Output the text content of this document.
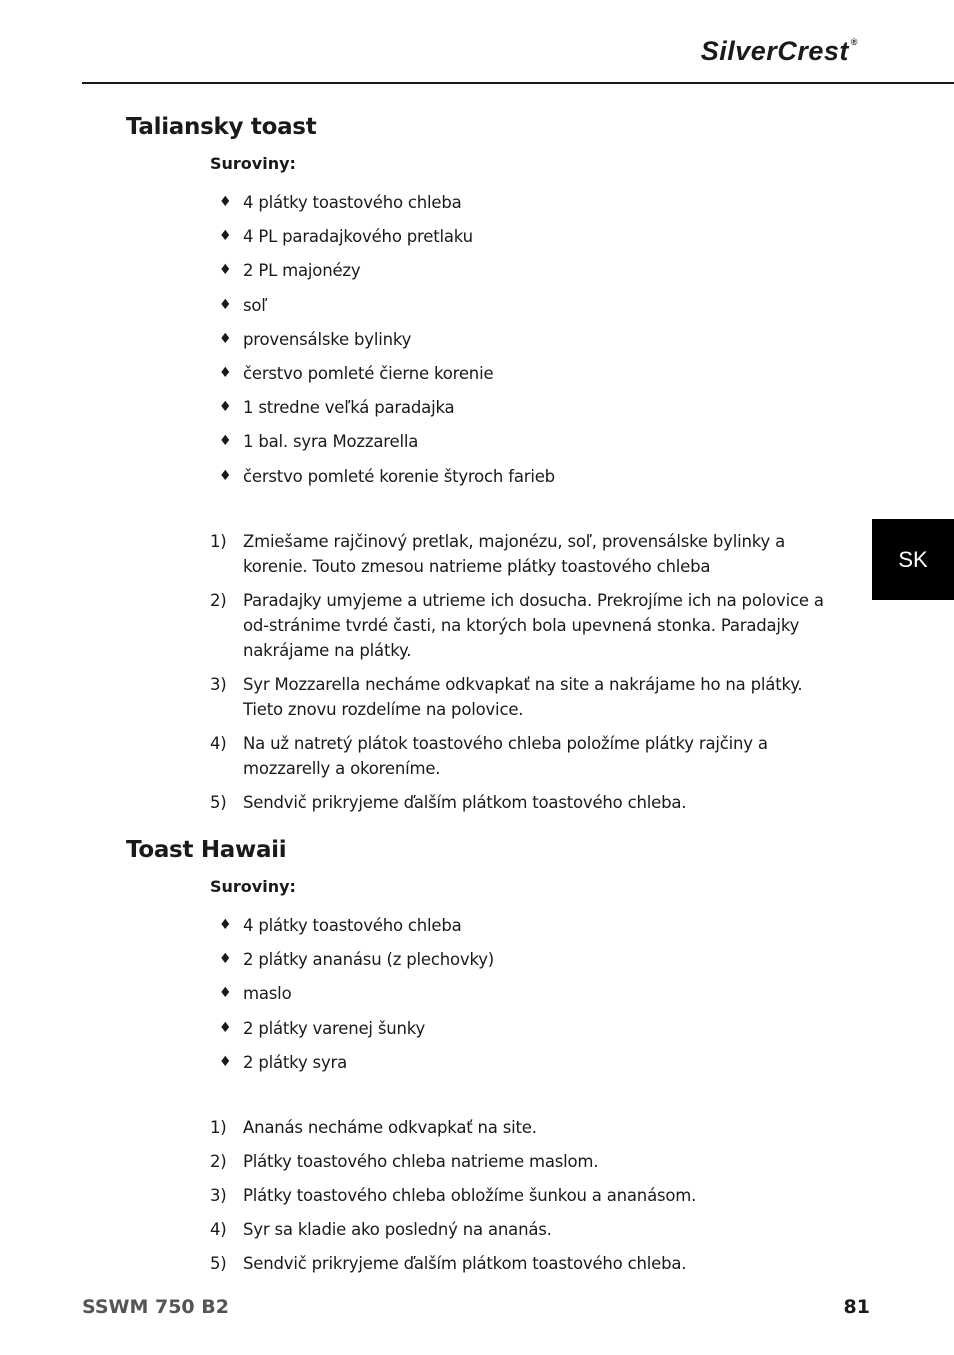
SilverCrest ®
SK
Taliansky toast

Suroviny:

♦ 4 plátky toastového chleba
♦ 4 PL paradajkového pretlaku
♦ 2 PL majonézy
♦ soľ
♦ provensálske bylinky
♦ čerstvo pomleté čierne korenie
♦ 1 stredne veľká paradajka
♦ 1 bal. syra Mozzarella
♦ čerstvo pomleté korenie štyroch farieb
1) Zmiešame rajčinový pretlak, majonézu, soľ, provensálske bylinky a korenie. Touto zmesou natrieme plátky toastového chleba
2) Paradajky umyjeme a utrieme ich dosucha. Prekrojíme ich na polovice a od-stránime tvrdé časti, na ktorých bola upevnená stonka. Paradajky nakrájame na plátky.
3) Syr Mozzarella necháme odkvapkať na site a nakrájame ho na plátky. Tieto znovu rozdelíme na polovice.
4) Na už natretý plátok toastového chleba položíme plátky rajčiny a mozzarelly a okoreníme.
5) Sendvič prikryjeme ďalším plátkom toastového chleba.
Toast Hawaii

Suroviny:

♦ 4 plátky toastového chleba
♦ 2 plátky ananásu (z plechovky)
♦ maslo
♦ 2 plátky varenej šunky
♦ 2 plátky syra
1) Ananás necháme odkvapkať na site.
2) Plátky toastového chleba natrieme maslom.
3) Plátky toastového chleba obložíme šunkou a ananásom.
4) Syr sa kladie ako posledný na ananás.
5) Sendvič prikryjeme ďalším plátkom toastového chleba.

SSWM 750 B2	81
